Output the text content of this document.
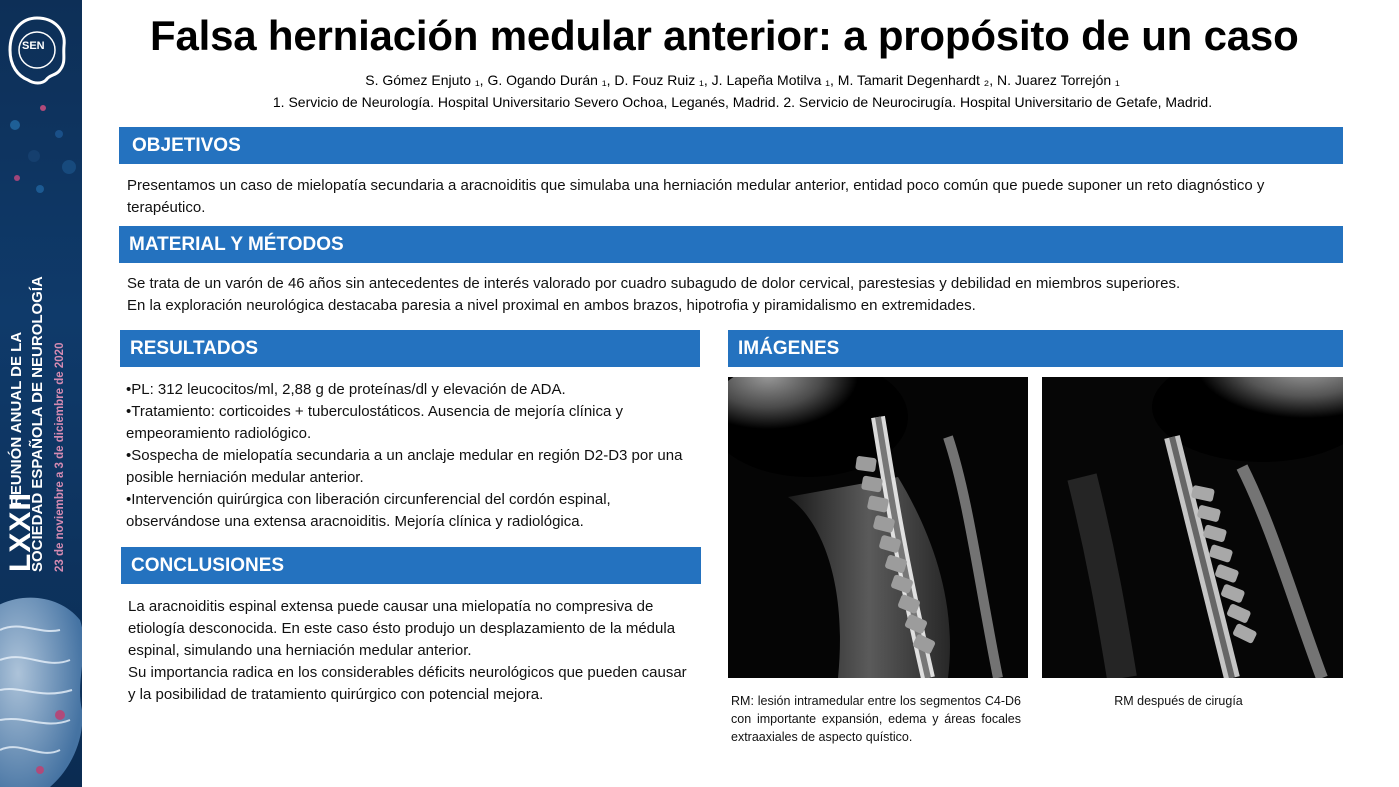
SEN
LXXII
REUNIÓN ANUAL DE LA SOCIEDAD ESPAÑOLA DE NEUROLOGÍA 23 de noviembre a 3 de diciembre de 2020
Falsa herniación medular anterior: a propósito de un caso
S. Gómez Enjuto ₁, G. Ogando Durán ₁, D. Fouz Ruiz ₁, J. Lapeña Motilva ₁, M. Tamarit Degenhardt ₂, N. Juarez Torrejón ₁
1. Servicio de Neurología. Hospital Universitario Severo Ochoa, Leganés, Madrid. 2. Servicio de Neurocirugía. Hospital Universitario de Getafe, Madrid.
OBJETIVOS
Presentamos un caso de mielopatía secundaria a aracnoiditis que simulaba una herniación medular anterior, entidad poco común que puede suponer un reto diagnóstico y terapéutico.
MATERIAL Y MÉTODOS
Se trata de un varón de 46 años sin antecedentes de interés valorado por cuadro subagudo de dolor cervical, parestesias y debilidad en miembros superiores.
En la exploración neurológica destacaba paresia a nivel proximal en ambos brazos, hipotrofia y piramidalismo en extremidades.
RESULTADOS
•PL: 312 leucocitos/ml, 2,88 g de proteínas/dl y elevación de ADA.
•Tratamiento: corticoides + tuberculostáticos. Ausencia de mejoría clínica y empeoramiento radiológico.
•Sospecha de mielopatía secundaria a un anclaje medular en región D2-D3 por una posible herniación medular anterior.
•Intervención quirúrgica con liberación circunferencial del cordón espinal, observándose una extensa aracnoiditis. Mejoría clínica y radiológica.
CONCLUSIONES
La aracnoiditis espinal extensa puede causar una mielopatía no compresiva de etiología desconocida. En este caso ésto produjo un desplazamiento de la médula espinal, simulando una herniación medular anterior.
Su importancia radica en los considerables déficits neurológicos que pueden causar y la posibilidad de tratamiento quirúrgico con potencial mejora.
IMÁGENES
RM: lesión intramedular entre los segmentos C4-D6 con importante expansión, edema y áreas focales extraaxiales de aspecto quístico.
RM después de cirugía
